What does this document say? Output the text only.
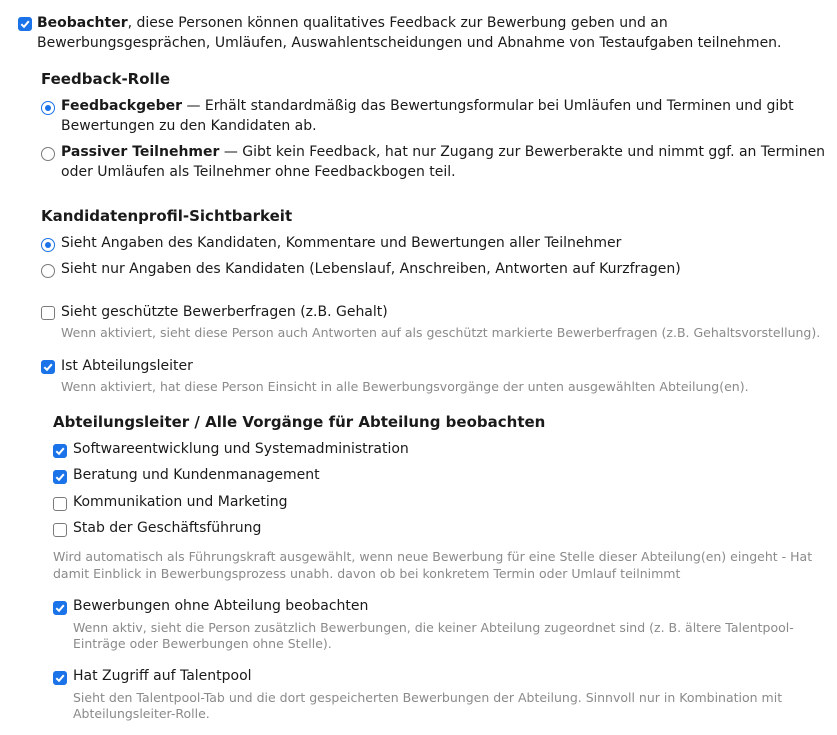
Beobachter, diese Personen können qualitatives Feedback zur Bewerbung geben und an
Bewerbungsgesprächen, Umläufen, Auswahlentscheidungen und Abnahme von Testaufgaben teilnehmen.
Feedback-Rolle
Feedbackgeber — Erhält standardmäßig das Bewertungsformular bei Umläufen und Terminen und gibt
Bewertungen zu den Kandidaten ab.
Passiver Teilnehmer — Gibt kein Feedback, hat nur Zugang zur Bewerberakte und nimmt ggf. an Terminen
oder Umläufen als Teilnehmer ohne Feedbackbogen teil.
Kandidatenprofil-Sichtbarkeit
Sieht Angaben des Kandidaten, Kommentare und Bewertungen aller Teilnehmer
Sieht nur Angaben des Kandidaten (Lebenslauf, Anschreiben, Antworten auf Kurzfragen)
Sieht geschützte Bewerberfragen (z.B. Gehalt)
Wenn aktiviert, sieht diese Person auch Antworten auf als geschützt markierte Bewerberfragen (z.B. Gehaltsvorstellung).
Ist Abteilungsleiter
Wenn aktiviert, hat diese Person Einsicht in alle Bewerbungsvorgänge der unten ausgewählten Abteilung(en).
Abteilungsleiter / Alle Vorgänge für Abteilung beobachten
Softwareentwicklung und Systemadministration
Beratung und Kundenmanagement
Kommunikation und Marketing
Stab der Geschäftsführung
Wird automatisch als Führungskraft ausgewählt, wenn neue Bewerbung für eine Stelle dieser Abteilung(en) eingeht - Hat
damit Einblick in Bewerbungsprozess unabh. davon ob bei konkretem Termin oder Umlauf teilnimmt
Bewerbungen ohne Abteilung beobachten
Wenn aktiv, sieht die Person zusätzlich Bewerbungen, die keiner Abteilung zugeordnet sind (z. B. ältere Talentpool-
Einträge oder Bewerbungen ohne Stelle).
Hat Zugriff auf Talentpool
Sieht den Talentpool-Tab und die dort gespeicherten Bewerbungen der Abteilung. Sinnvoll nur in Kombination mit
Abteilungsleiter-Rolle.
